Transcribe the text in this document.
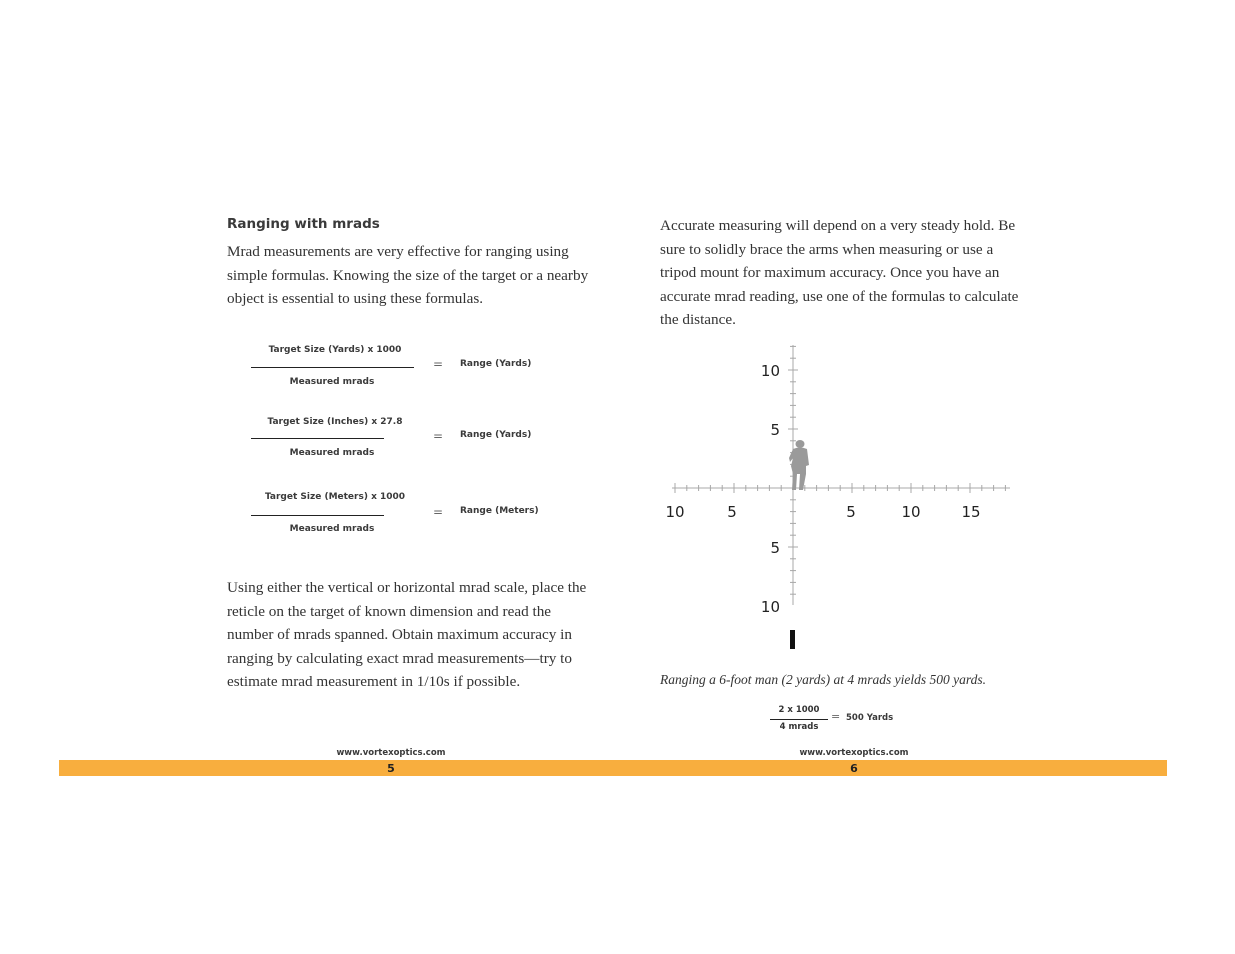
Ranging with mrads
Mrad measurements are very effective for ranging using simple formulas. Knowing the size of the target or a nearby object is essential to using these formulas.
Target Size (Yards) x 1000
Measured mrads
= Range (Yards)
Target Size (Inches) x 27.8
Measured mrads
= Range (Yards)
Target Size (Meters) x 1000
Measured mrads
= Range (Meters)
Using either the vertical or horizontal mrad scale, place the reticle on the target of known dimension and read the number of mrads spanned. Obtain maximum accuracy in ranging by calculating exact mrad measurements—try to estimate mrad measurement in 1/10s if possible.
www.vortexoptics.com
Accurate measuring will depend on a very steady hold. Be sure to solidly brace the arms when measuring or use a tripod mount for maximum accuracy. Once you have an accurate mrad reading, use one of the formulas to calculate the distance.
10
5
5
10
10	5	5	10	15
Ranging a 6-foot man (2 yards) at 4 mrads yields 500 yards.
2 x 1000
4 mrads
= 500 Yards
www.vortexoptics.com
5	6
